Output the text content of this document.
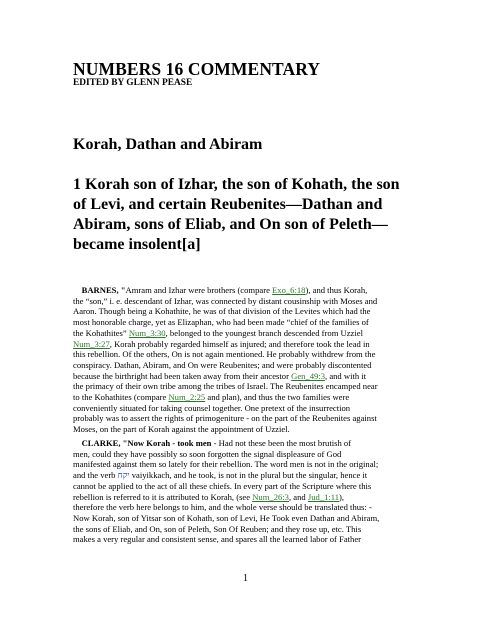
NUMBERS 16 COMMENTARY
EDITED BY GLENN PEASE
Korah, Dathan and Abiram
1 Korah son of Izhar, the son of Kohath, the son
of Levi, and certain Reubenites—Dathan and
Abiram, sons of Eliab, and On son of Peleth—
became insolent[a]
BARNES, "Amram and Izhar were brothers (compare Exo_6:18), and thus Korah,
the “son,” i. e. descendant of Izhar, was connected by distant cousinship with Moses and
Aaron. Though being a Kohathite, he was of that division of the Levites which had the
most honorable charge, yet as Elizaphan, who had been made “chief of the families of
the Kohathites” Num_3:30, belonged to the youngest branch descended from Uzziel
Num_3:27, Korah probably regarded himself as injured; and therefore took the lead in
this rebellion. Of the others, On is not again mentioned. He probably withdrew from the
conspiracy. Dathan, Abiram, and On were Reubenites; and were probably discontented
because the birthright had been taken away from their ancestor Gen_49:3, and with it
the primacy of their own tribe among the tribes of Israel. The Reubenites encamped near
to the Kohathites (compare Num_2:25 and plan), and thus the two families were
conveniently situated for taking counsel together. One pretext of the insurrection
probably was to assert the rights of primogeniture - on the part of the Reubenites against
Moses, on the part of Korah against the appointment of Uzziel.
CLARKE, "Now Korah - took men - Had not these been the most brutish of
men, could they have possibly so soon forgotten the signal displeasure of God
manifested against them so lately for their rebellion. The word men is not in the original;
and the verb יקח vaiyikkach, and he took, is not in the plural but the singular, hence it
cannot be applied to the act of all these chiefs. In every part of the Scripture where this
rebellion is referred to it is attributed to Korah, (see Num_26:3, and Jud_1:11),
therefore the verb here belongs to him, and the whole verse should be translated thus: -
Now Korah, son of Yitsar son of Kohath, son of Levi, He Took even Dathan and Abiram,
the sons of Eliab, and On, son of Peleth, Son Of Reuben; and they rose up, etc. This
makes a very regular and consistent sense, and spares all the learned labor of Father
1
